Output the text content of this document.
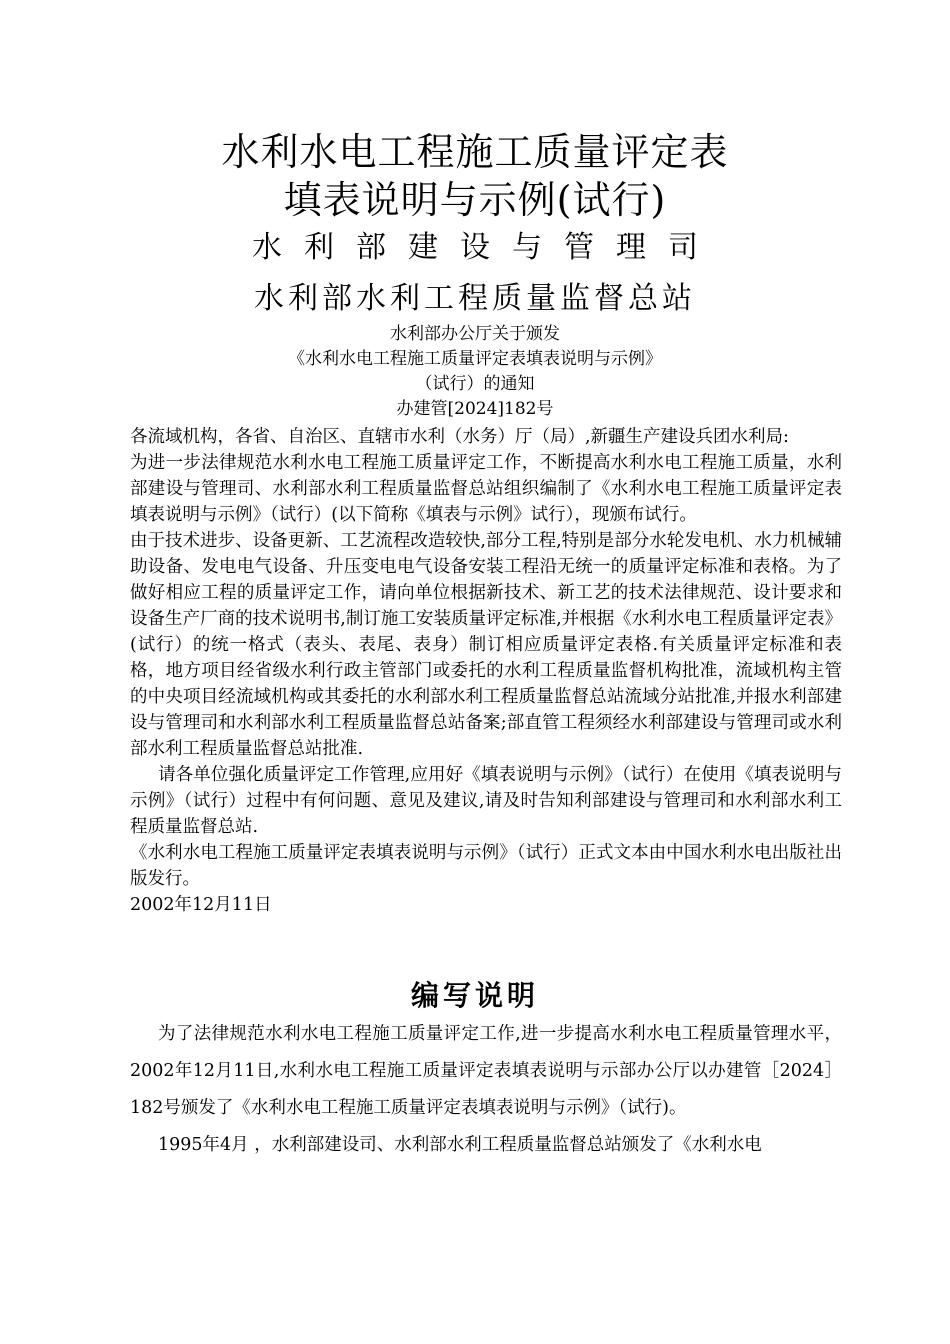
水利水电工程施工质量评定表
填表说明与示例(试行)
水利部建设与管理司
水利部水利工程质量监督总站
水利部办公厅关于颁发
《水利水电工程施工质量评定表填表说明与示例》
（试行）的通知
办建管[2024]182号

各流域机构，各省、自治区、直辖市水利（水务）厅（局）,新疆生产建设兵团水利局:

为进一步法律规范水利水电工程施工质量评定工作，不断提高水利水电工程施工质量，水利部建设与管理司、水利部水利工程质量监督总站组织编制了《水利水电工程施工质量评定表填表说明与示例》（试行）(以下简称《填表与示例》试行），现颁布试行。

由于技术进步、设备更新、工艺流程改造较快,部分工程,特别是部分水轮发电机、水力机械辅助设备、发电电气设备、升压变电电气设备安装工程沿无统一的质量评定标准和表格。为了做好相应工程的质量评定工作，请向单位根据新技术、新工艺的技术法律规范、设计要求和设备生产厂商的技术说明书,制订施工安装质量评定标准,并根据《水利水电工程质量评定表》(试行）的统一格式（表头、表尾、表身）制订相应质量评定表格.有关质量评定标准和表格，地方项目经省级水利行政主管部门或委托的水利工程质量监督机构批准，流域机构主管的中央项目经流域机构或其委托的水利部水利工程质量监督总站流域分站批准,并报水利部建设与管理司和水利部水利工程质量监督总站备案;部直管工程须经水利部建设与管理司或水利部水利工程质量监督总站批准.

请各单位强化质量评定工作管理,应用好《填表说明与示例》（试行）在使用《填表说明与示例》（试行）过程中有何问题、意见及建议,请及时告知利部建设与管理司和水利部水利工程质量监督总站.

《水利水电工程施工质量评定表填表说明与示例》（试行）正式文本由中国水利水电出版社出版发行。

2002年12月11日

编写说明

为了法律规范水利水电工程施工质量评定工作,进一步提高水利水电工程质量管理水平，2002年12月11日,水利水电工程施工质量评定表填表说明与示部办公厅以办建管［2024］182号颁发了《水利水电工程施工质量评定表填表说明与示例》（试行)。

1995年4月 ，水利部建设司、水利部水利工程质量监督总站颁发了《水利水电
